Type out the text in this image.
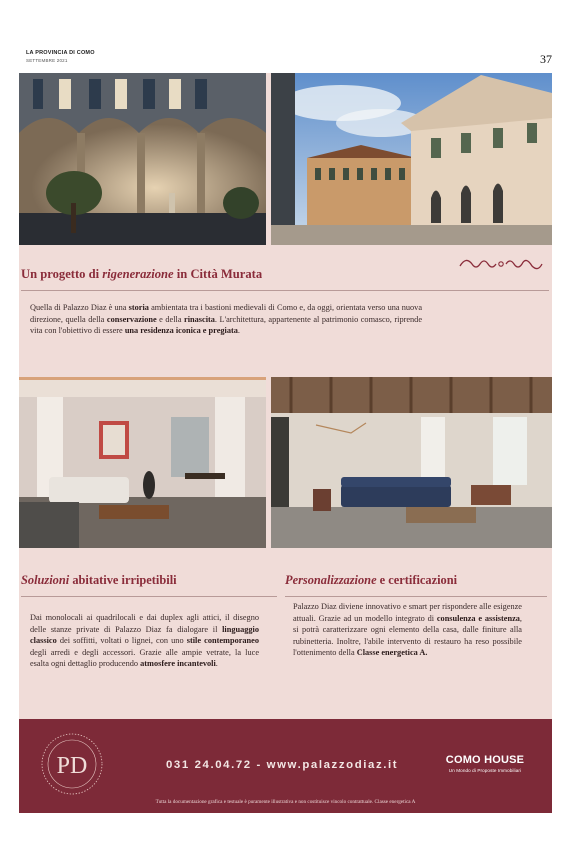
LA PROVINCIA DI COMO
SETTEMBRE 2021	37
Un progetto di rigenerazione in Città Murata
Quella di Palazzo Diaz è una storia ambientata tra i bastioni medievali di Como e, da oggi, orientata verso una nuova direzione, quella della conservazione e della rinascita. L'architettura, appartenente al patrimonio comasco, riprende vita con l'obiettivo di essere una residenza iconica e pregiata.
Soluzioni abitative irripetibili
Dai monolocali ai quadrilocali e dai duplex agli attici, il disegno delle stanze private di Palazzo Diaz fa dialogare il linguaggio classico dei soffitti, voltati o lignei, con uno stile contemporaneo degli arredi e degli accessori. Grazie alle ampie vetrate, la luce esalta ogni dettaglio producendo atmosfere incantevoli.
Personalizzazione e certificazioni
Palazzo Diaz diviene innovativo e smart per rispondere alle esigenze attuali. Grazie ad un modello integrato di consulenza e assistenza, si potrà caratterizzare ogni elemento della casa, dalle finiture alla rubinetteria. Inoltre, l'abile intervento di restauro ha reso possibile l'ottenimento della Classe energetica A.
PD	031 24.04.72 - www.palazzodiaz.it	COMO HOUSE
Un Mondo di Proposte Immobiliari
Tutta la documentazione grafica e testuale è puramente illustrativa e non costituisce vincolo contrattuale. Classe energetica A
